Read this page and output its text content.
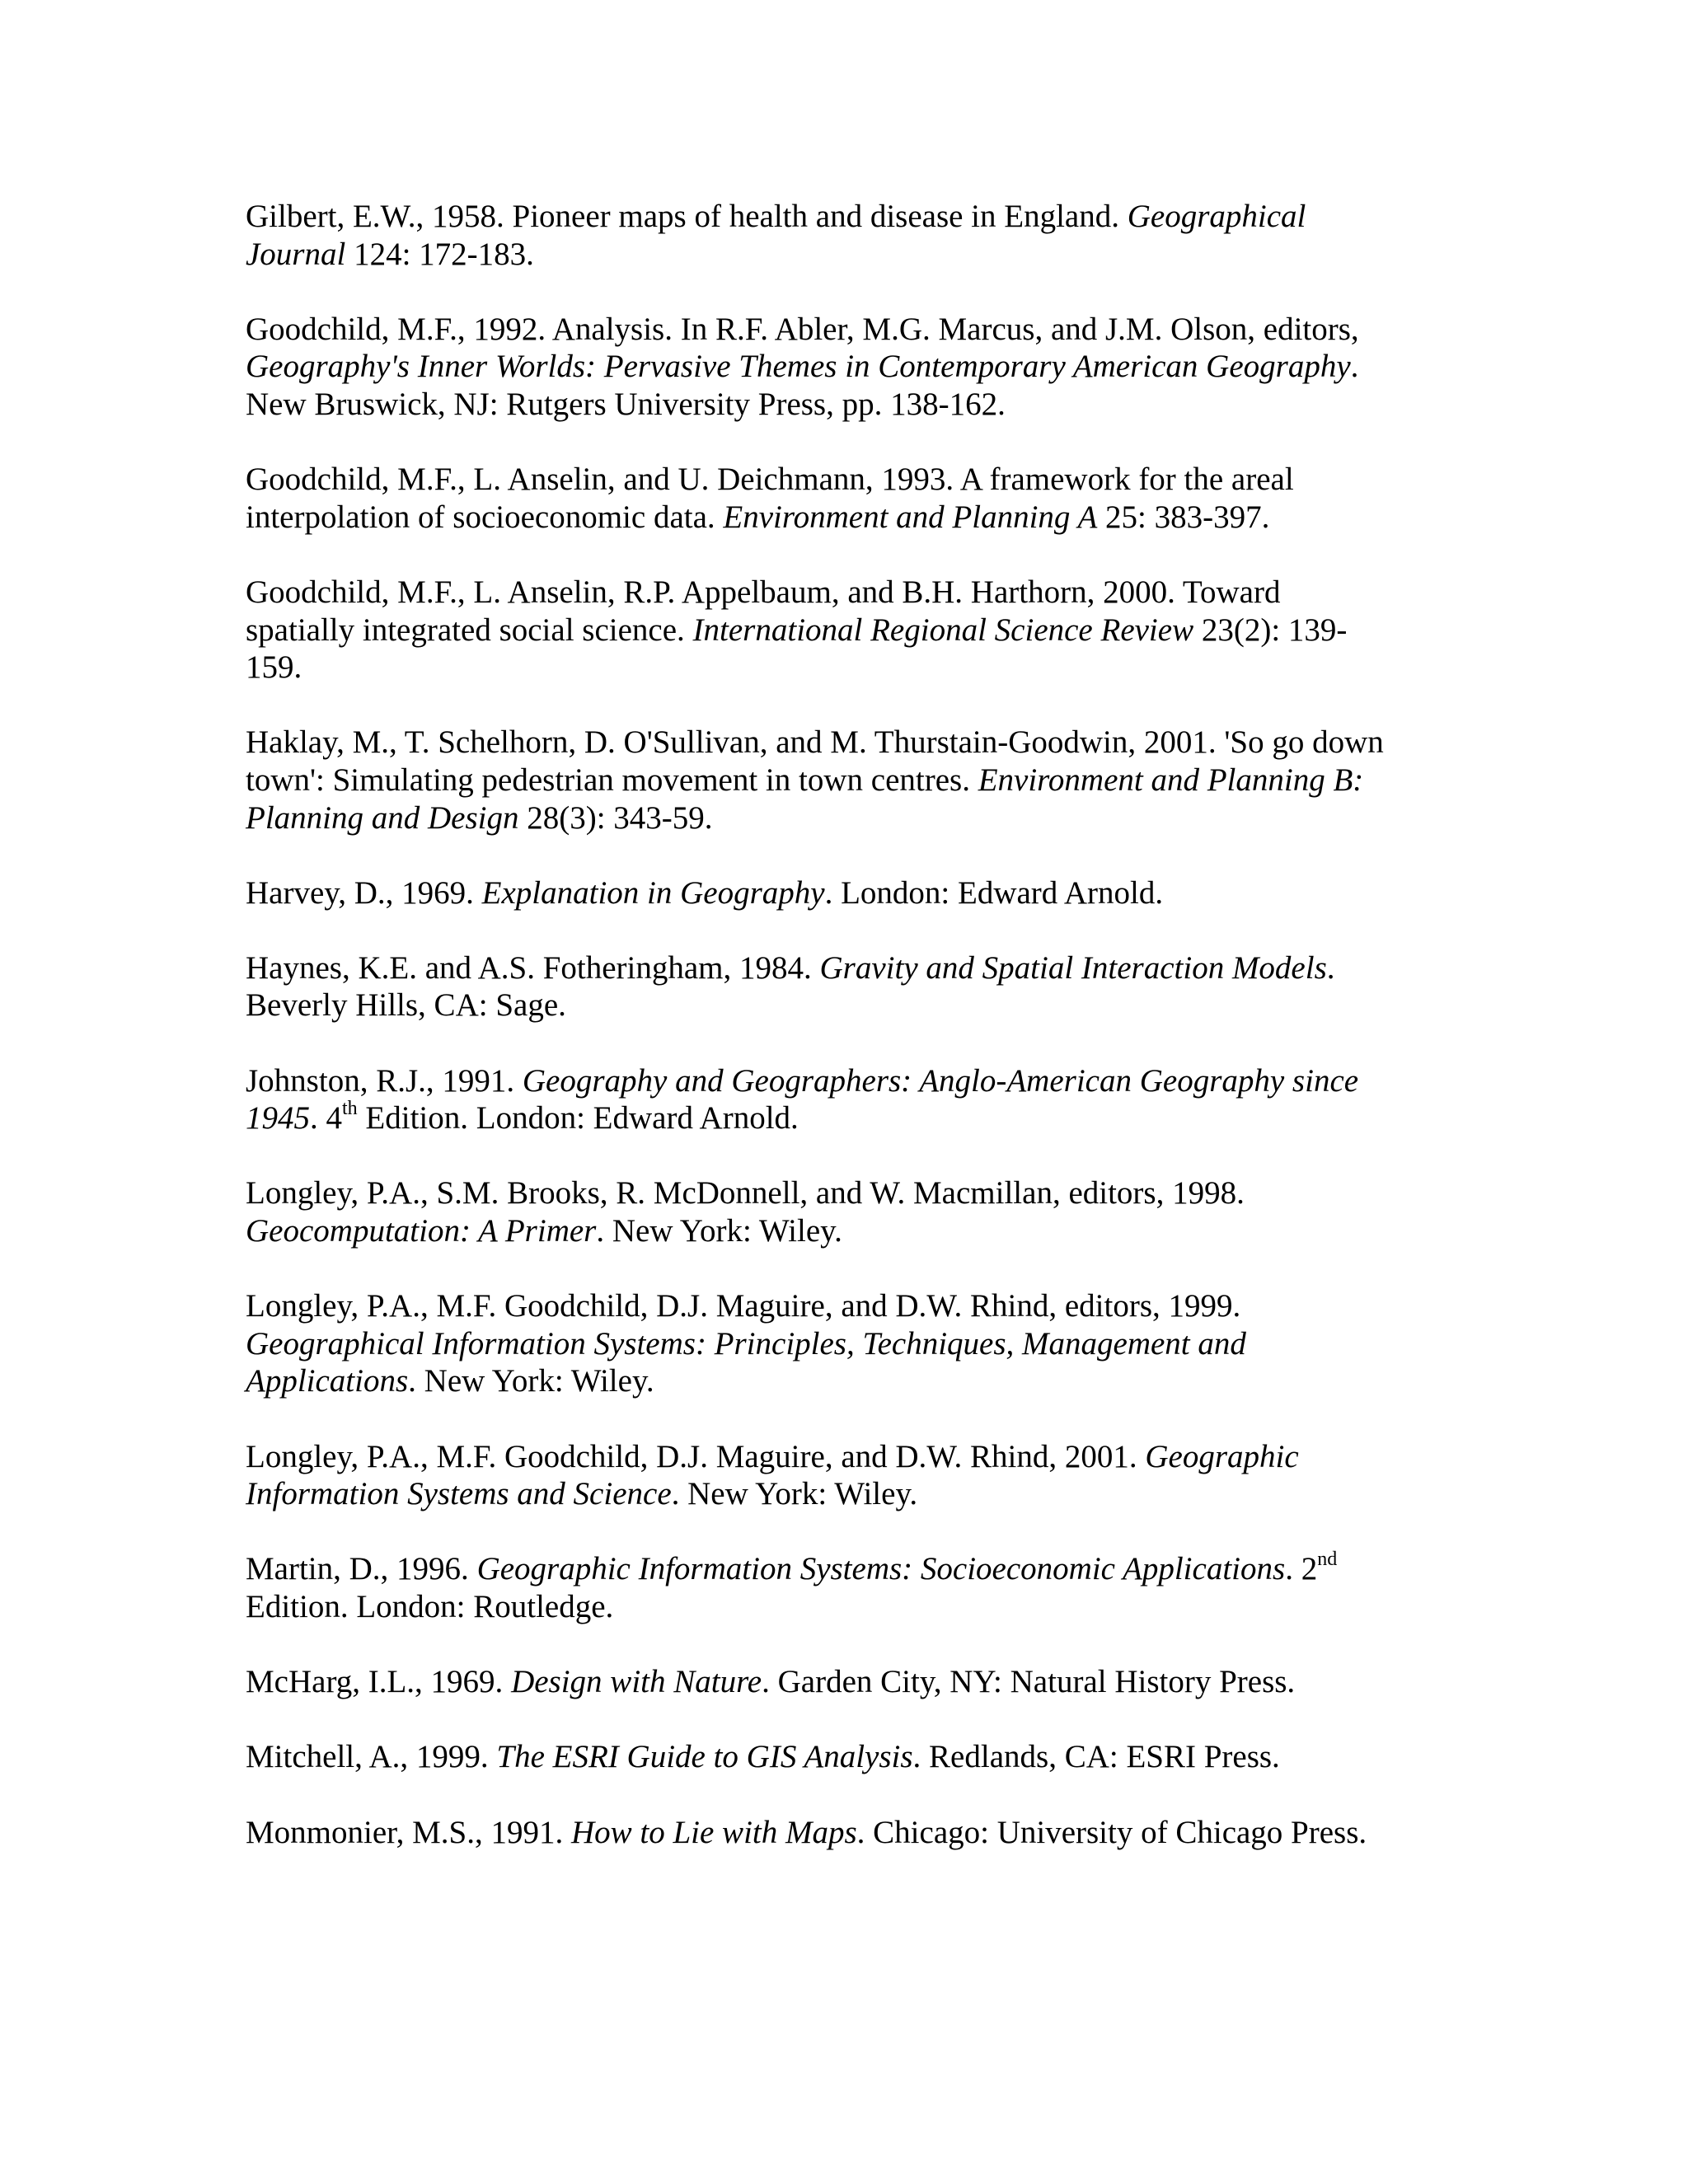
Gilbert, E.W., 1958. Pioneer maps of health and disease in England. Geographical
Journal 124: 172-183.
Goodchild, M.F., 1992. Analysis. In R.F. Abler, M.G. Marcus, and J.M. Olson, editors,
Geography's Inner Worlds: Pervasive Themes in Contemporary American Geography.
New Bruswick, NJ: Rutgers University Press, pp. 138-162.
Goodchild, M.F., L. Anselin, and U. Deichmann, 1993. A framework for the areal
interpolation of socioeconomic data. Environment and Planning A 25: 383-397.
Goodchild, M.F., L. Anselin, R.P. Appelbaum, and B.H. Harthorn, 2000. Toward
spatially integrated social science. International Regional Science Review 23(2): 139-
159.
Haklay, M., T. Schelhorn, D. O'Sullivan, and M. Thurstain-Goodwin, 2001. 'So go down
town': Simulating pedestrian movement in town centres. Environment and Planning B:
Planning and Design 28(3): 343-59.
Harvey, D., 1969. Explanation in Geography. London: Edward Arnold.
Haynes, K.E. and A.S. Fotheringham, 1984. Gravity and Spatial Interaction Models.
Beverly Hills, CA: Sage.
Johnston, R.J., 1991. Geography and Geographers: Anglo-American Geography since
1945. 4th Edition. London: Edward Arnold.
Longley, P.A., S.M. Brooks, R. McDonnell, and W. Macmillan, editors, 1998.
Geocomputation: A Primer. New York: Wiley.
Longley, P.A., M.F. Goodchild, D.J. Maguire, and D.W. Rhind, editors, 1999.
Geographical Information Systems: Principles, Techniques, Management and
Applications. New York: Wiley.
Longley, P.A., M.F. Goodchild, D.J. Maguire, and D.W. Rhind, 2001. Geographic
Information Systems and Science. New York: Wiley.
Martin, D., 1996. Geographic Information Systems: Socioeconomic Applications. 2nd
Edition. London: Routledge.
McHarg, I.L., 1969. Design with Nature. Garden City, NY: Natural History Press.
Mitchell, A., 1999. The ESRI Guide to GIS Analysis. Redlands, CA: ESRI Press.
Monmonier, M.S., 1991. How to Lie with Maps. Chicago: University of Chicago Press.
